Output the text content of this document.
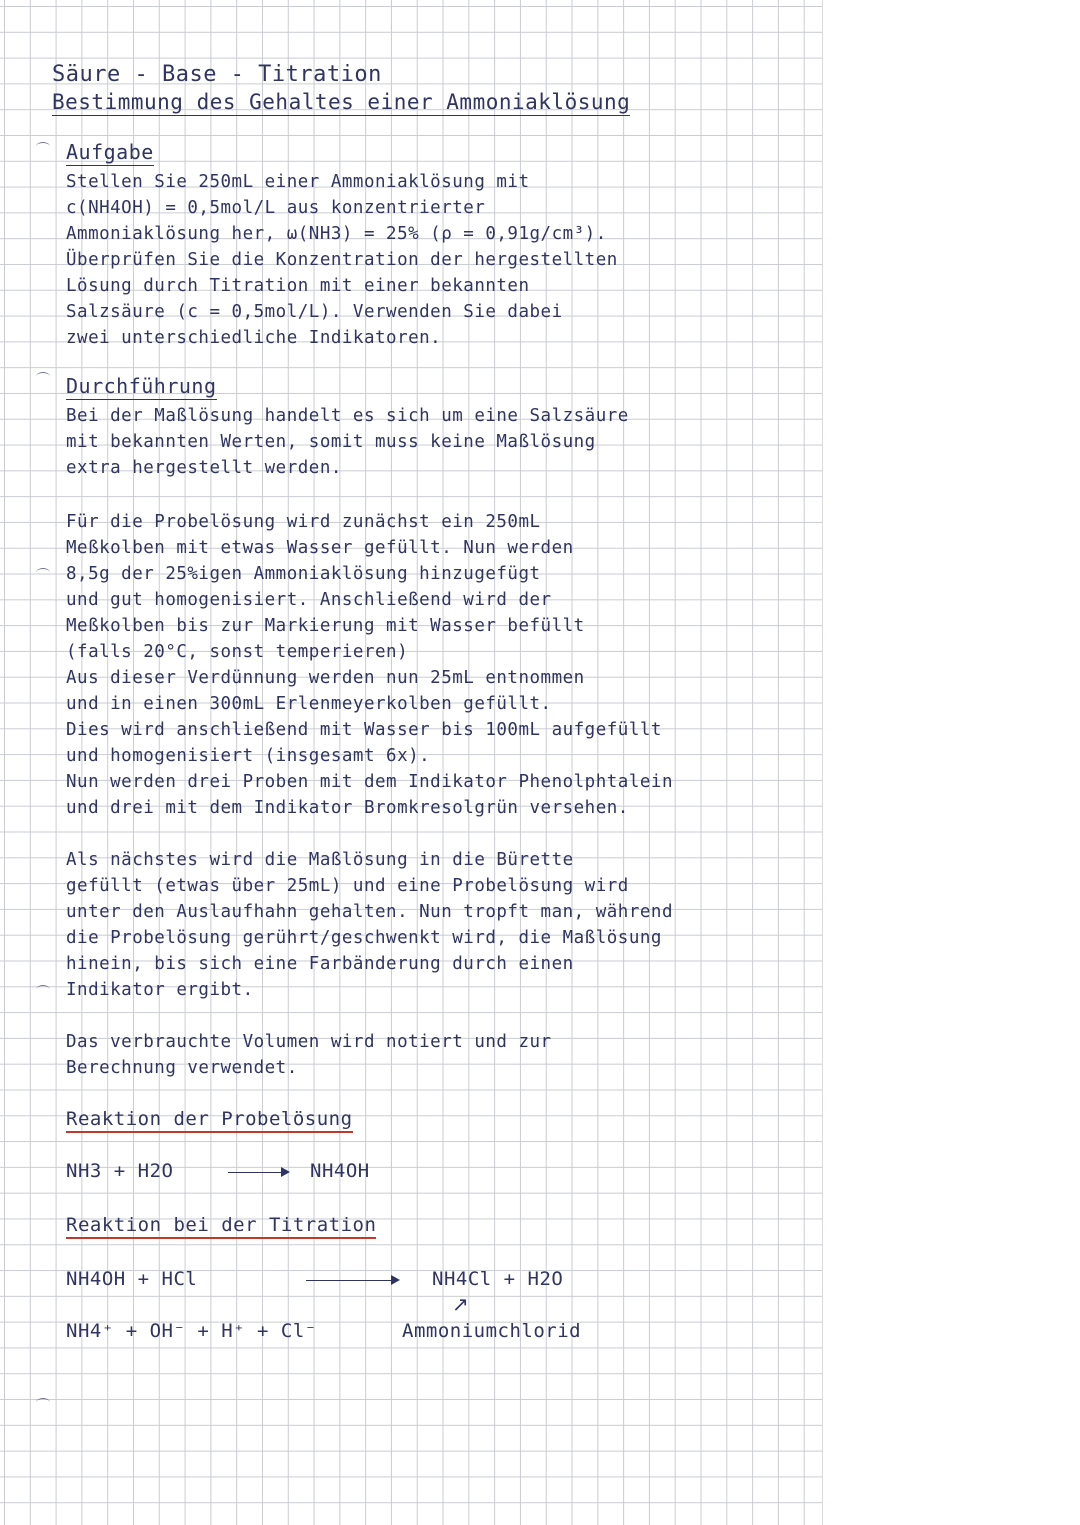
Säure - Base - Titration
Bestimmung des Gehaltes einer Ammoniaklösung
Aufgabe
Stellen Sie 250mL einer Ammoniaklösung mit
c(NH4OH) = 0,5mol/L aus konzentrierter
Ammoniaklösung her, ω(NH3) = 25% (ρ = 0,91g/cm³).
Überprüfen Sie die Konzentration der hergestellten
Lösung durch Titration mit einer bekannten
Salzsäure (c = 0,5mol/L). Verwenden Sie dabei
zwei unterschiedliche Indikatoren.
Durchführung
Bei der Maßlösung handelt es sich um eine Salzsäure
mit bekannten Werten, somit muss keine Maßlösung
extra hergestellt werden.
Für die Probelösung wird zunächst ein 250mL
Meßkolben mit etwas Wasser gefüllt. Nun werden
8,5g der 25%igen Ammoniaklösung hinzugefügt
und gut homogenisiert. Anschließend wird der
Meßkolben bis zur Markierung mit Wasser befüllt
(falls 20°C, sonst temperieren)
Aus dieser Verdünnung werden nun 25mL entnommen
und in einen 300mL Erlenmeyerkolben gefüllt.
Dies wird anschließend mit Wasser bis 100mL aufgefüllt
und homogenisiert (insgesamt 6x).
Nun werden drei Proben mit dem Indikator Phenolphtalein
und drei mit dem Indikator Bromkresolgrün versehen.
Als nächstes wird die Maßlösung in die Bürette
gefüllt (etwas über 25mL) und eine Probelösung wird
unter den Auslaufhahn gehalten. Nun tropft man, während
die Probelösung gerührt/geschwenkt wird, die Maßlösung
hinein, bis sich eine Farbänderung durch einen
Indikator ergibt.
Das verbrauchte Volumen wird notiert und zur
Berechnung verwendet.
Reaktion der Probelösung
NH3 + H2O	→ NH4OH
Reaktion bei der Titration
NH4OH + HCl	NH4Cl + H2O
↗
NH4⁺ + OH⁻ + H⁺ + Cl⁻	Ammoniumchlorid
